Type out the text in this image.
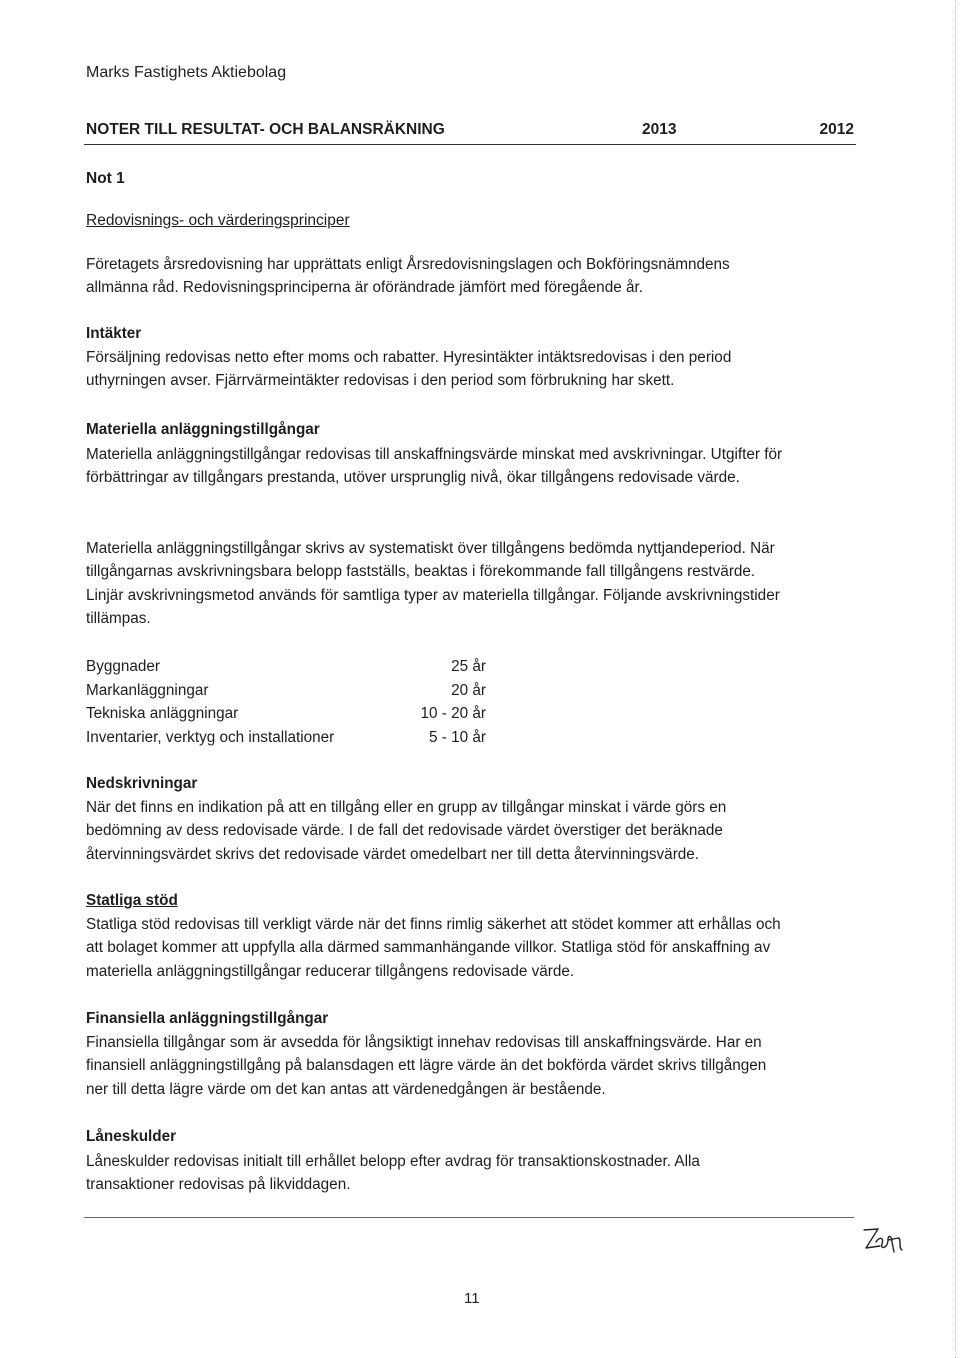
Marks Fastighets Aktiebolag
NOTER TILL RESULTAT- OCH BALANSRÄKNING	2013	2012
Not 1
Redovisnings- och värderingsprinciper

Företagets årsredovisning har upprättats enligt Årsredovisningslagen och Bokföringsnämndens allmänna råd. Redovisningsprinciperna är oförändrade jämfört med föregående år.

Intäkter

Försäljning redovisas netto efter moms och rabatter. Hyresintäkter intäktsredovisas i den period uthyrningen avser. Fjärrvärmeintäkter redovisas i den period som förbrukning har skett.

Materiella anläggningstillgångar

Materiella anläggningstillgångar redovisas till anskaffningsvärde minskat med avskrivningar. Utgifter för förbättringar av tillgångars prestanda, utöver ursprunglig nivå, ökar tillgångens redovisade värde.

Materiella anläggningstillgångar skrivs av systematiskt över tillgångens bedömda nyttjandeperiod. När tillgångarnas avskrivningsbara belopp fastställs, beaktas i förekommande fall tillgångens restvärde. Linjär avskrivningsmetod används för samtliga typer av materiella tillgångar. Följande avskrivningstider tillämpas.

Byggnader	25 år
Markanläggningar	20 år
Tekniska anläggningar	10 - 20 år
Inventarier, verktyg och installationer	5 - 10 år
Nedskrivningar

När det finns en indikation på att en tillgång eller en grupp av tillgångar minskat i värde görs en bedömning av dess redovisade värde. I de fall det redovisade värdet överstiger det beräknade återvinningsvärdet skrivs det redovisade värdet omedelbart ner till detta återvinningsvärde.

Statliga stöd

Statliga stöd redovisas till verkligt värde när det finns rimlig säkerhet att stödet kommer att erhållas och att bolaget kommer att uppfylla alla därmed sammanhängande villkor. Statliga stöd för anskaffning av materiella anläggningstillgångar reducerar tillgångens redovisade värde.

Finansiella anläggningstillgångar

Finansiella tillgångar som är avsedda för långsiktigt innehav redovisas till anskaffningsvärde. Har en finansiell anläggningstillgång på balansdagen ett lägre värde än det bokförda värdet skrivs tillgången ner till detta lägre värde om det kan antas att värdenedgången är bestående.

Låneskulder

Låneskulder redovisas initialt till erhållet belopp efter avdrag för transaktionskostnader. Alla transaktioner redovisas på likviddagen.

11
